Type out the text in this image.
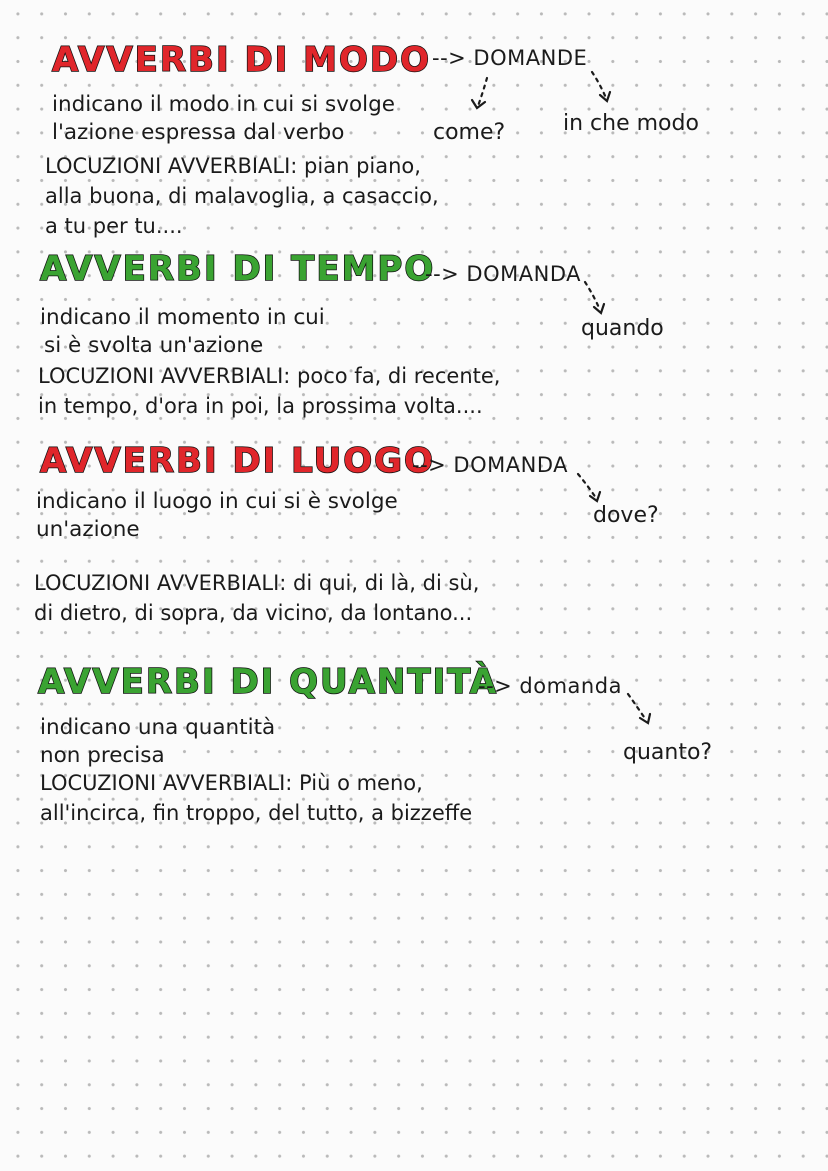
AVVERBI DI MODO --> DOMANDE
come?	in che modo
indicano il modo in cui si svolge
l'azione espressa dal verbo
LOCUZIONI AVVERBIALI: pian piano,
alla buona, di malavoglia, a casaccio,
a tu per tu....
AVVERBI DI TEMPO
--> DOMANDA
quando
indicano il momento in cui
si è svolta un'azione
LOCUZIONI AVVERBIALI: poco fa, di recente,
in tempo, d'ora in poi, la prossima volta....
AVVERBI DI LUOGO
--> DOMANDA
dove?
indicano il luogo in cui si è svolge
un'azione
LOCUZIONI AVVERBIALI: di qui, di là, di sù,
di dietro, di sopra, da vicino, da lontano...
AVVERBI DI QUANTITÀ
--> domanda
quanto?
indicano una quantità
non precisa
LOCUZIONI AVVERBIALI: Più o meno,
all'incirca, fin troppo, del tutto, a bizzeffe
